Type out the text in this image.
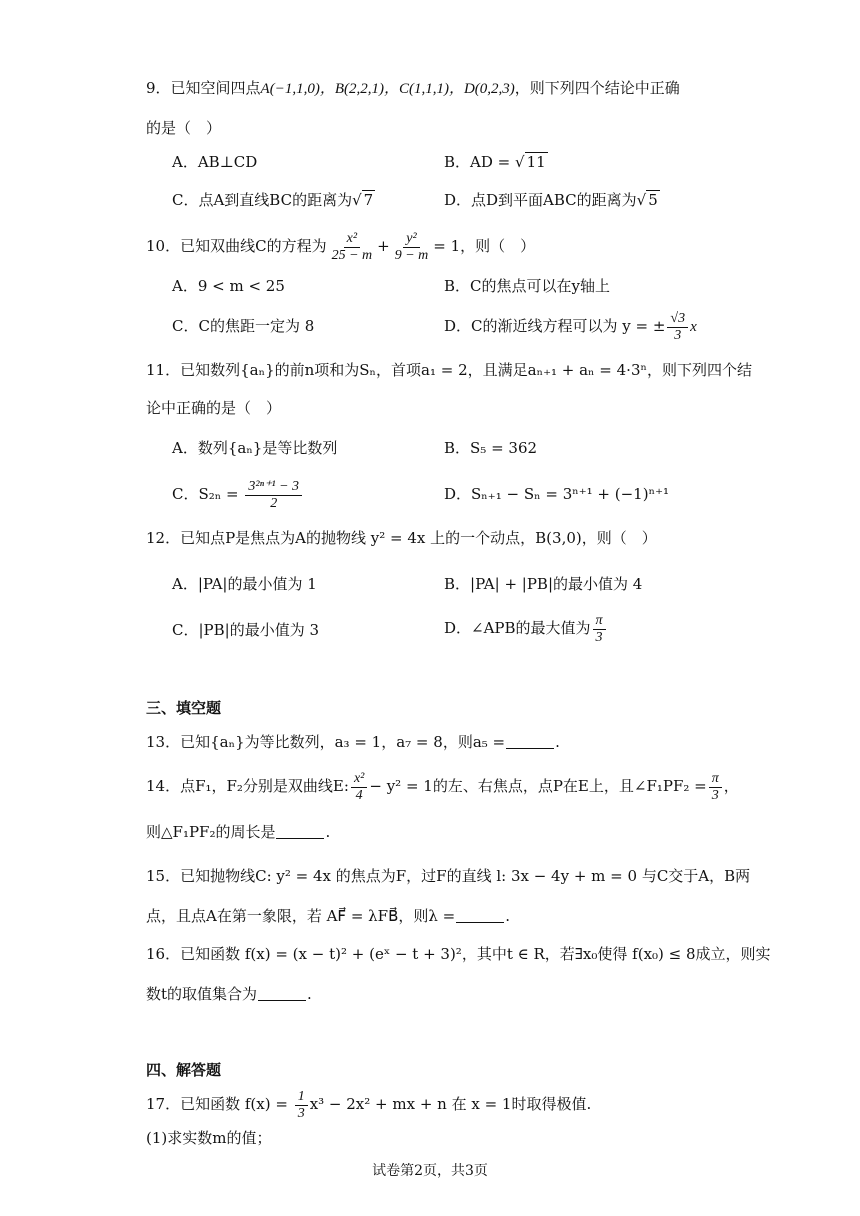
9．已知空间四点A(−1,1,0)，B(2,2,1)，C(1,1,1)，D(0,2,3)，则下列四个结论中正确
的是（　）
A．AB⊥CD	B．AD = √ 11
C．点A到直线BC的距离为√ 7	D．点D到平面ABC的距离为√ 5
10．已知双曲线C的方程为 $\frac{\text{x²}}{25 - m} + \frac{\text{y²}}{9 - m} = 1$，则（　）
A．9 < m < 25	B．C的焦点可以在y轴上
C．C的焦距一定为 8	D．C的渐近线方程可以为 y = ± $\frac{√3}{3}$ x
11．已知数列{aₙ}的前n项和为Sₙ，首项a₁ = 2，且满足aₙ₊₁ + aₙ = 4·3ⁿ，则下列四个结
论中正确的是（　）
A．数列{aₙ}是等比数列	B．S₅ = 362
C．$S_{2n} = \frac{\text{3²ⁿ⁺¹ − 3}}{2}$	D．Sₙ₊₁ − Sₙ = 3ⁿ⁺¹ + (−1)ⁿ⁺¹
12．已知点P是焦点为A的抛物线 y² = 4x 上的一个动点，B(3,0)，则（　）
A．|PA|的最小值为 1	B．|PA| + |PB|的最小值为 4
C．|PB|的最小值为 3	D．∠APB的最大值为 $\frac{\pi}{3}$
三、填空题
13．已知{aₙ}为等比数列，a₃ = 1，a₇ = 8，则a₅ =	.
14．点F₁，F₂分别是双曲线E: $\frac{\text{x²}}{4} - y^2 = 1$的左、右焦点，点P在E上，且∠F₁PF₂ = $\frac{\pi}{3}$ ，
则△F₁PF₂的周长是	.
15．已知抛物线C: y² = 4x 的焦点为F，过F的直线 l: 3x − 4y + m = 0 与C交于A，B两
点，且点A在第一象限，若 AF⃗ = λFB⃗，则λ =	.
16．已知函数 f(x) = (x − t)² + (eˣ − t + 3)²，其中t ∈ R，若∃x₀使得 f(x₀) ≤ 8成立，则实
数t的取值集合为	.
四、解答题
17．已知函数 $f(x) = \frac{1}{3} x^3 - 2x^2$ + mx + n 在 x = 1时取得极值.
(1)求实数m的值；
试卷第2页，共3页
